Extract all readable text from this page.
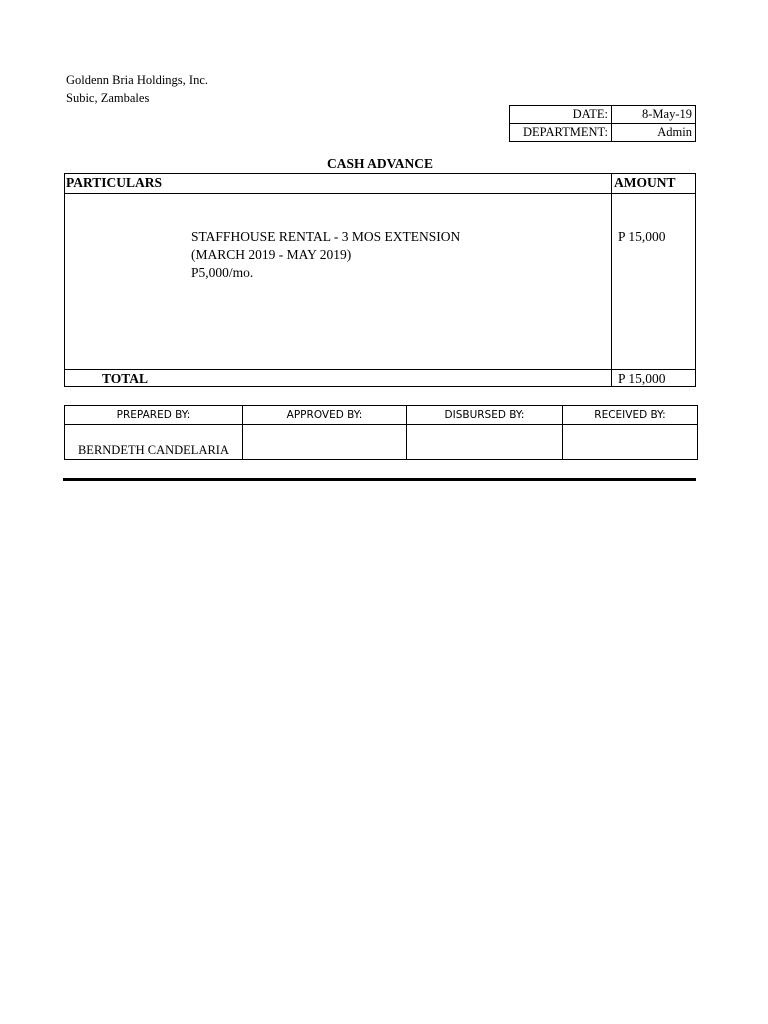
Goldenn Bria Holdings, Inc.
Subic, Zambales
DATE:	8-May-19
DEPARTMENT:	Admin
CASH ADVANCE
PARTICULARS	AMOUNT
STAFFHOUSE RENTAL - 3 MOS EXTENSION
(MARCH 2019 - MAY 2019)
P5,000/mo.
P 15,000
TOTAL	P 15,000
PREPARED BY:	APPROVED BY:	DISBURSED BY:	RECEIVED BY:

BERNDETH CANDELARIA			
